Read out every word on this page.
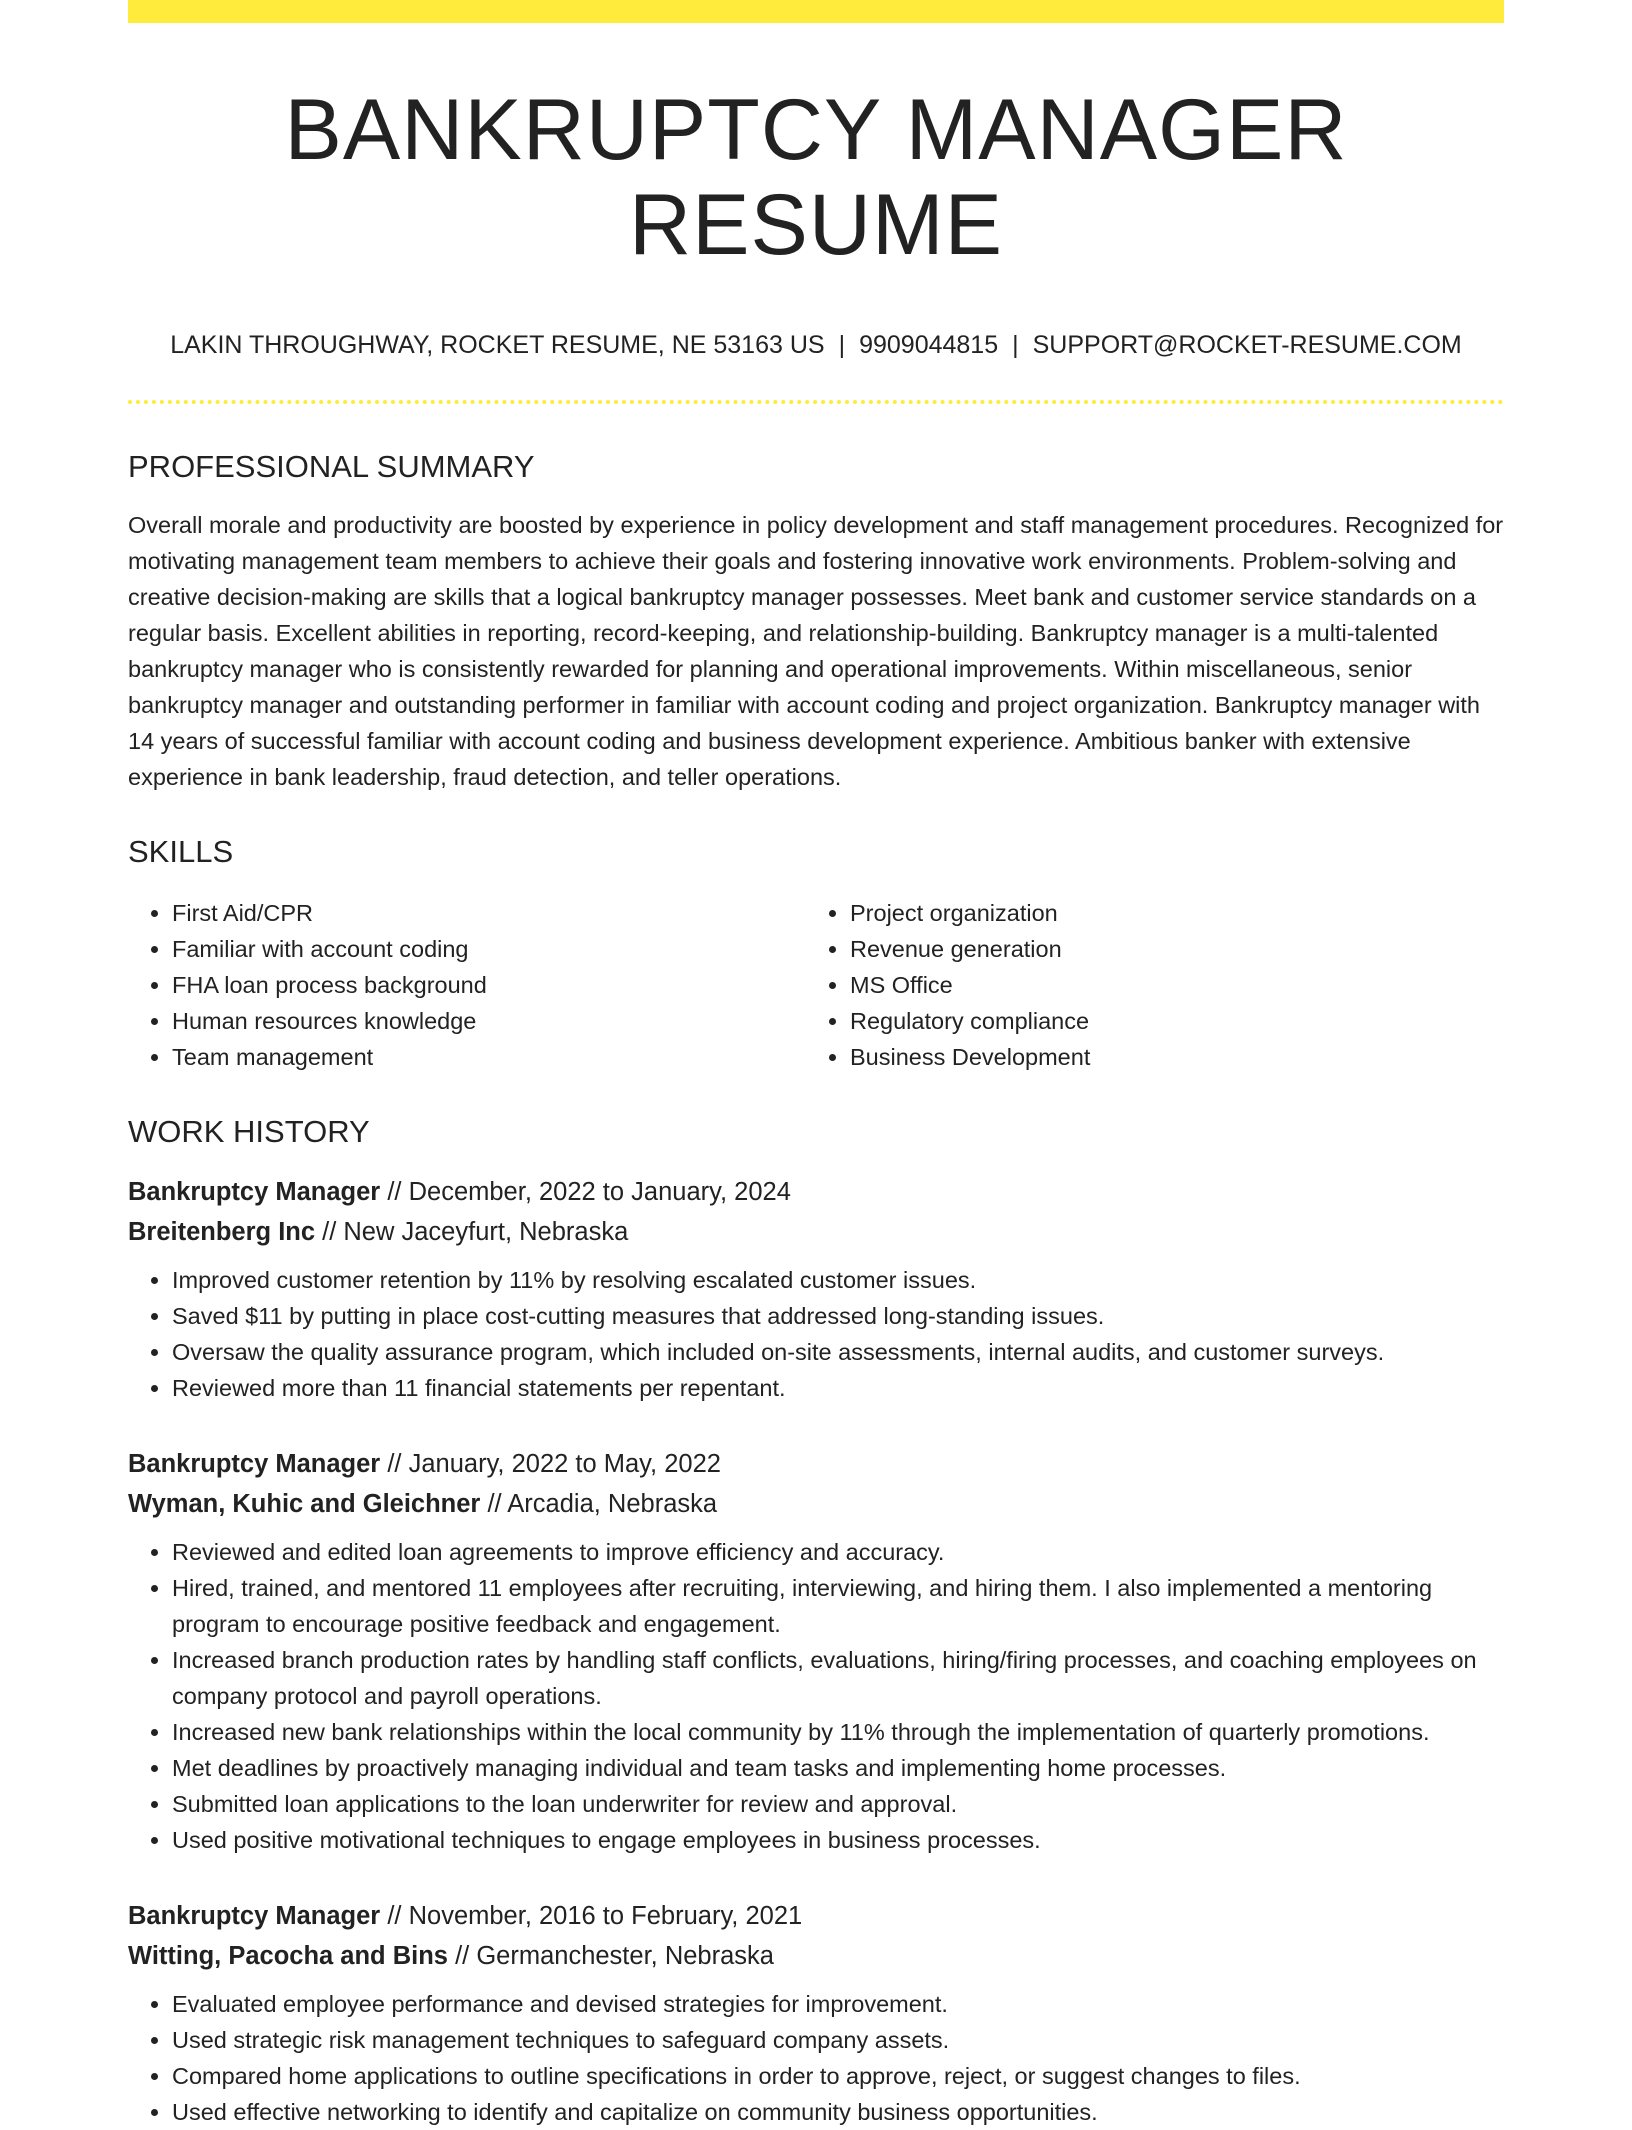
BANKRUPTCY MANAGER RESUME
LAKIN THROUGHWAY, ROCKET RESUME, NE 53163 US | 9909044815 | SUPPORT@ROCKET-RESUME.COM
PROFESSIONAL SUMMARY

Overall morale and productivity are boosted by experience in policy development and staff management procedures. Recognized for motivating management team members to achieve their goals and fostering innovative work environments. Problem-solving and creative decision-making are skills that a logical bankruptcy manager possesses. Meet bank and customer service standards on a regular basis. Excellent abilities in reporting, record-keeping, and relationship-building. Bankruptcy manager is a multi-talented bankruptcy manager who is consistently rewarded for planning and operational improvements. Within miscellaneous, senior bankruptcy manager and outstanding performer in familiar with account coding and project organization. Bankruptcy manager with 14 years of successful familiar with account coding and business development experience. Ambitious banker with extensive experience in bank leadership, fraud detection, and teller operations.

SKILLS
• First Aid/CPR
• Familiar with account coding
• FHA loan process background
• Human resources knowledge
• Team management
• Project organization
• Revenue generation
• MS Office
• Regulatory compliance
• Business Development
WORK HISTORY
Bankruptcy Manager // December, 2022 to January, 2024
Breitenberg Inc // New Jaceyfurt, Nebraska
• Improved customer retention by 11% by resolving escalated customer issues.
• Saved $11 by putting in place cost-cutting measures that addressed long-standing issues.
• Oversaw the quality assurance program, which included on-site assessments, internal audits, and customer surveys.
• Reviewed more than 11 financial statements per repentant.
Bankruptcy Manager // January, 2022 to May, 2022
Wyman, Kuhic and Gleichner // Arcadia, Nebraska
• Reviewed and edited loan agreements to improve efficiency and accuracy.
• Hired, trained, and mentored 11 employees after recruiting, interviewing, and hiring them. I also implemented a mentoring program to encourage positive feedback and engagement.
• Increased branch production rates by handling staff conflicts, evaluations, hiring/firing processes, and coaching employees on company protocol and payroll operations.
• Increased new bank relationships within the local community by 11% through the implementation of quarterly promotions.
• Met deadlines by proactively managing individual and team tasks and implementing home processes.
• Submitted loan applications to the loan underwriter for review and approval.
• Used positive motivational techniques to engage employees in business processes.
Bankruptcy Manager // November, 2016 to February, 2021
Witting, Pacocha and Bins // Germanchester, Nebraska
• Evaluated employee performance and devised strategies for improvement.
• Used strategic risk management techniques to safeguard company assets.
• Compared home applications to outline specifications in order to approve, reject, or suggest changes to files.
• Used effective networking to identify and capitalize on community business opportunities.
